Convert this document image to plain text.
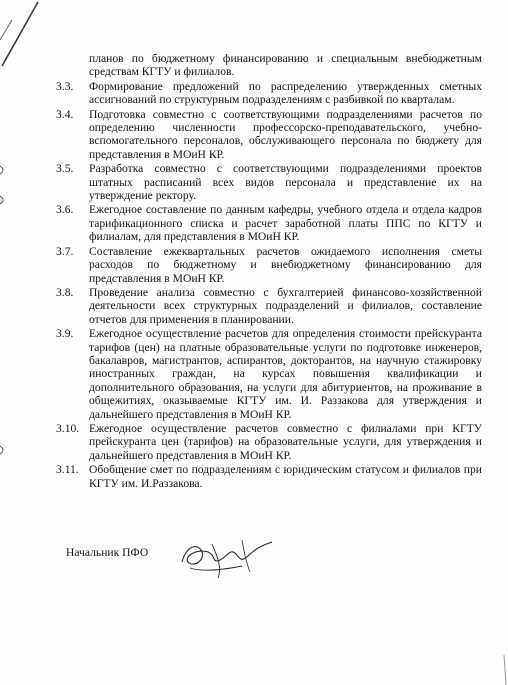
планов по бюджетному финансированию и специальным внебюджетным средствам КГТУ и филиалов.
3.3.	Формирование предложений по распределению утвержденных сметных ассигнований по структурным подразделениям с разбивкой по кварталам.
3.4.	Подготовка совместно с соответствующими подразделениями расчетов по определению численности профессорско-преподавательского, учебно-вспомогательного персоналов, обслуживающего персонала по бюджету для представления в МОиН КР.
3.5.	Разработка совместно с соответствующими подразделениями проектов штатных расписаний всех видов персонала и представление их на утверждение ректору.
3.6.	Ежегодное составление по данным кафедры, учебного отдела и отдела кадров тарификационного списка и расчет заработной платы ППС по КГТУ и филиалам, для представления в МОиН КР.
3.7.	Составление ежеквартальных расчетов ожидаемого исполнения сметы расходов по бюджетному и внебюджетному финансированию для представления в МОиН КР.
3.8.	Проведение анализа совместно с бухгалтерией финансово-хозяйственной деятельности всех структурных подразделений и филиалов, составление отчетов для применения в планировании.
3.9.	Ежегодное осуществление расчетов для определения стоимости прейскуранта тарифов (цен) на платные образовательные услуги по подготовке инженеров, бакалавров, магистрантов, аспирантов, докторантов, на научную стажировку иностранных граждан, на курсах повышения квалификации и дополнительного образования, на услуги для абитуриентов, на проживание в общежитиях, оказываемые КГТУ им. И. Раззакова для утверждения и дальнейшего представления в МОиН КР.
3.10. Ежегодное осуществление расчетов совместно с филиалами при КГТУ прейскуранта цен (тарифов) на образовательные услуги, для утверждения и дальнейшего представления в МОиН КР.
3.11. Обобщение смет по подразделениям с юридическим статусом и филиалов при КГТУ им. И.Раззакова.
Начальник ПФО
